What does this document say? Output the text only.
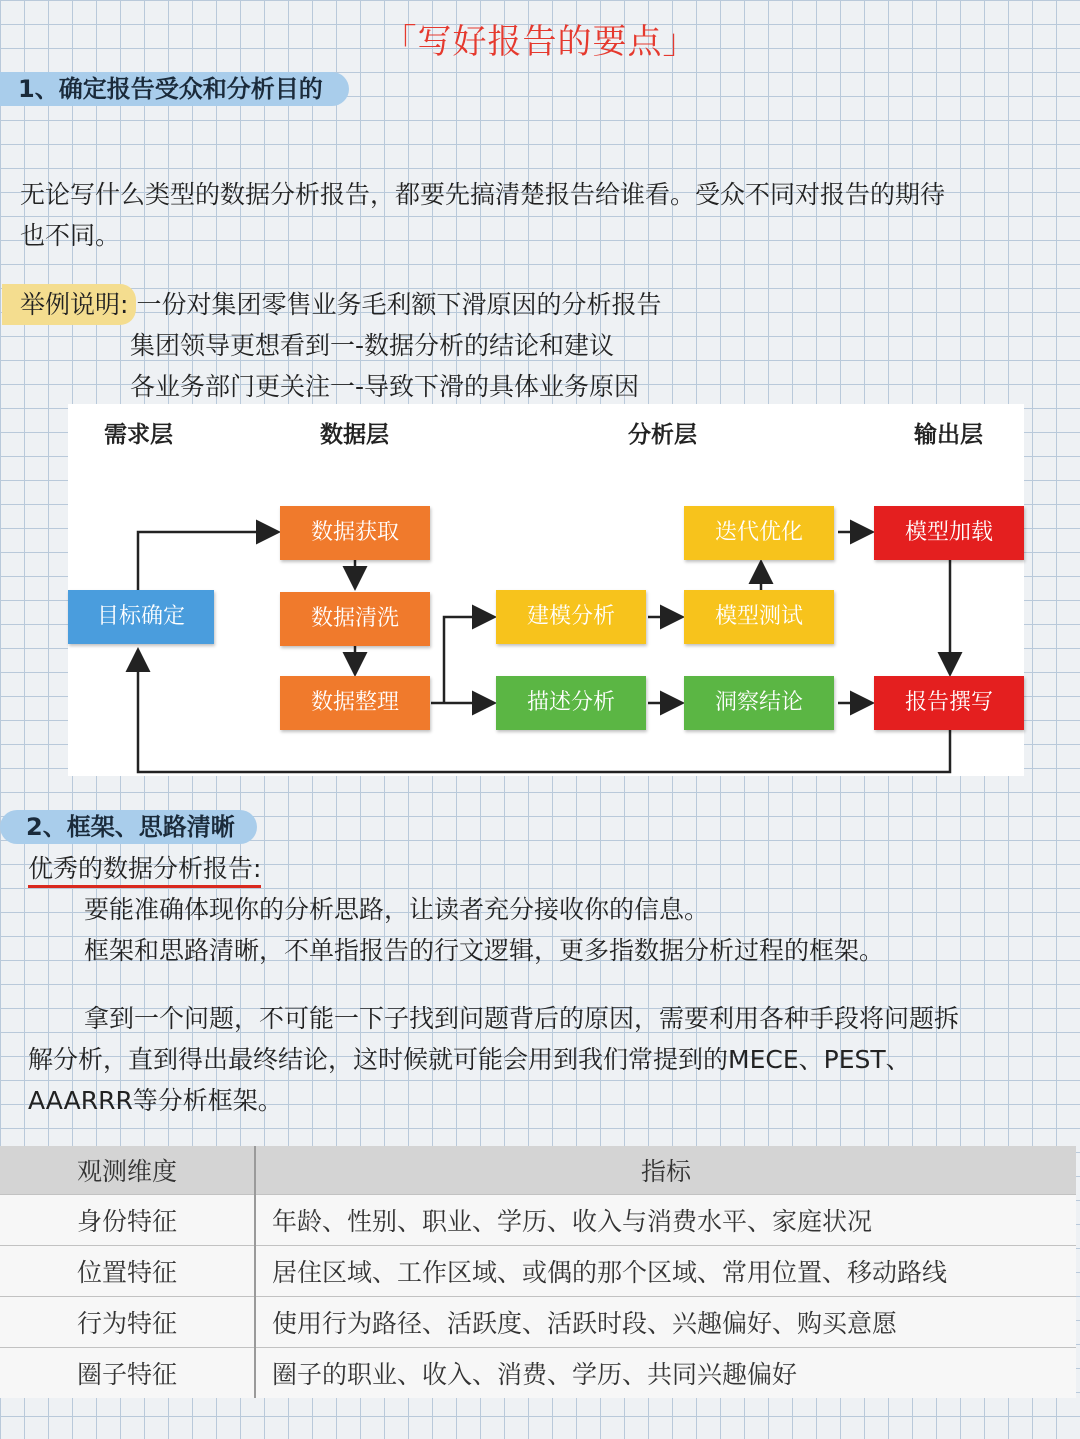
「写好报告的要点」
1、确定报告受众和分析目的
无论写什么类型的数据分析报告，都要先搞清楚报告给谁看。受众不同对报告的期待
也不同。
举例说明: 一份对集团零售业务毛利额下滑原因的分析报告
集团领导更想看到一-数据分析的结论和建议
各业务部门更关注一-导致下滑的具体业务原因
需求层	数据层	分析层	输出层
目标确定
数据获取
数据清洗
数据整理
建模分析	模型测试
迭代优化
描述分析	洞察结论
模型加载
报告撰写
2、框架、思路清晰
优秀的数据分析报告:
要能准确体现你的分析思路，让读者充分接收你的信息。
框架和思路清晰，不单指报告的行文逻辑，更多指数据分析过程的框架。
拿到一个问题，不可能一下子找到问题背后的原因，需要利用各种手段将问题拆
解分析，直到得出最终结论，这时候就可能会用到我们常提到的MECE、PEST、
AAARRR等分析框架。
观测维度	指标
身份特征	年龄、性别、职业、学历、收入与消费水平、家庭状况
位置特征	居住区域、工作区域、或偶的那个区域、常用位置、移动路线
行为特征	使用行为路径、活跃度、活跃时段、兴趣偏好、购买意愿
圈子特征	圈子的职业、收入、消费、学历、共同兴趣偏好
